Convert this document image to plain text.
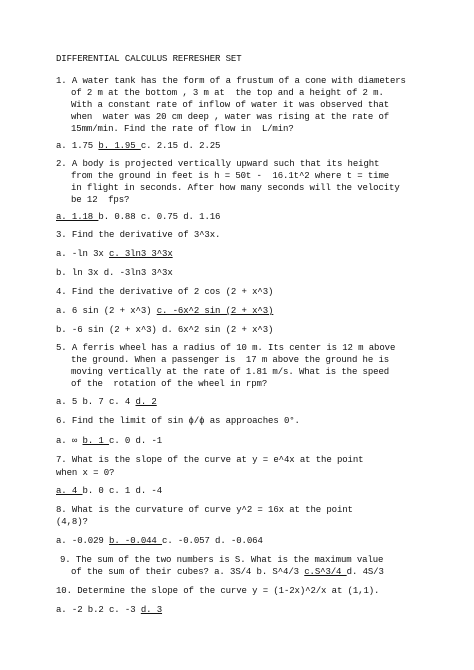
DIFFERENTIAL CALCULUS REFRESHER SET
1. A water tank has the form of a frustum of a cone with diameters
of 2 m at the bottom , 3 m at  the top and a height of 2 m.
With a constant rate of inflow of water it was observed that
when  water was 20 cm deep , water was rising at the rate of
15mm/min. Find the rate of flow in  L/min?
a. 1.75 b. 1.95 c. 2.15 d. 2.25
2. A body is projected vertically upward such that its height
from the ground in feet is h = 50t -  16.1t^2 where t = time
in flight in seconds. After how many seconds will the velocity
be 12  fps?
a. 1.18 b. 0.88 c. 0.75 d. 1.16
3. Find the derivative of 3^3x.
a. -ln 3x c. 3ln3 3^3x
b. ln 3x d. -3ln3 3^3x
4. Find the derivative of 2 cos (2 + x^3)
a. 6 sin (2 + x^3) c. -6x^2 sin (2 + x^3)
b. -6 sin (2 + x^3) d. 6x^2 sin (2 + x^3)
5. A ferris wheel has a radius of 10 m. Its center is 12 m above
the ground. When a passenger is  17 m above the ground he is
moving vertically at the rate of 1.81 m/s. What is the speed
of the  rotation of the wheel in rpm?
a. 5 b. 7 c. 4 d. 2
6. Find the limit of sin ϕ/ϕ as approaches 0°.
a. ∞ b. 1 c. 0 d. -1
7. What is the slope of the curve at y = e^4x at the point
when x = 0?
a. 4 b. 0 c. 1 d. -4
8. What is the curvature of curve y^2 = 16x at the point
(4,8)?
a. -0.029 b. -0.044 c. -0.057 d. -0.064
9. The sum of the two numbers is S. What is the maximum value
of the sum of their cubes? a. 3S/4 b. S^4/3 c.S^3/4 d. 4S/3
10. Determine the slope of the curve y = (1-2x)^2/x at (1,1).
a. -2 b.2 c. -3 d. 3
